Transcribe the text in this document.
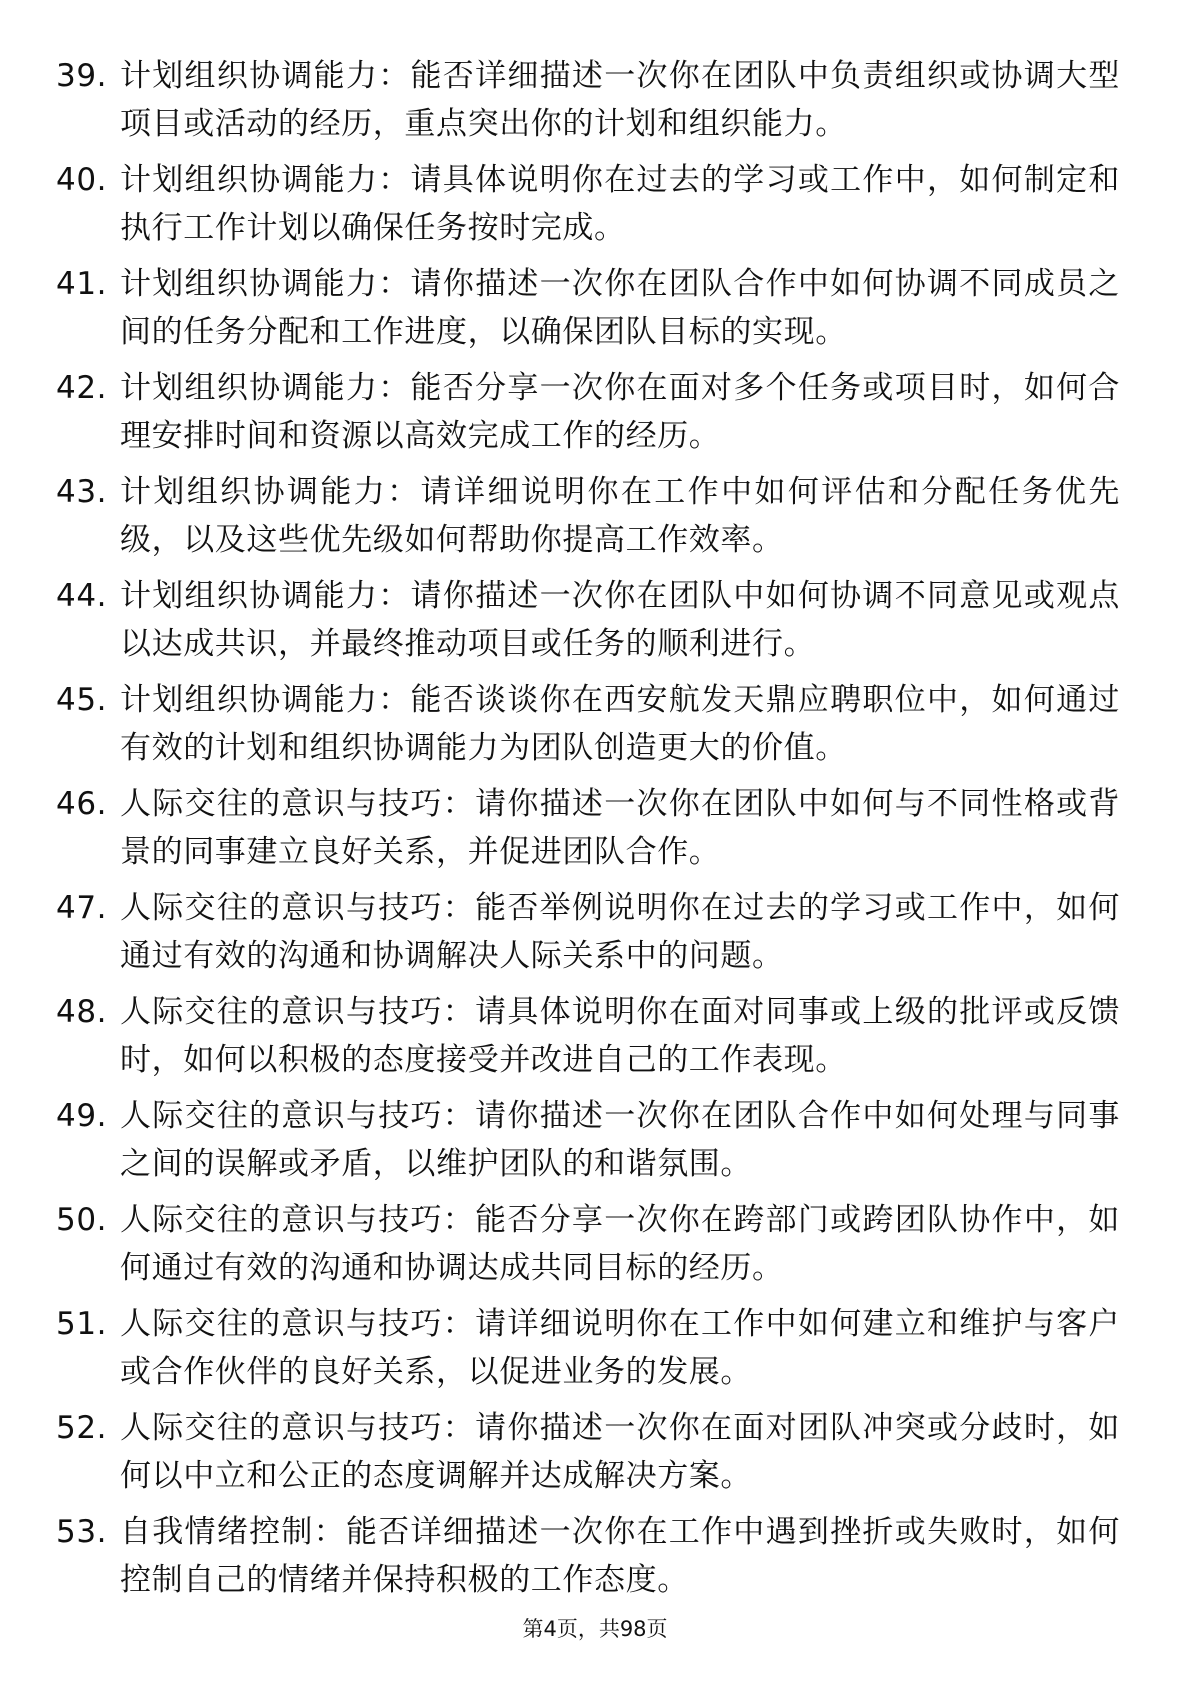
39. 计划组织协调能力：能否详细描述一次你在团队中负责组织或协调大型项目或活动的经历，重点突出你的计划和组织能力。
40. 计划组织协调能力：请具体说明你在过去的学习或工作中，如何制定和执行工作计划以确保任务按时完成。
41. 计划组织协调能力：请你描述一次你在团队合作中如何协调不同成员之间的任务分配和工作进度，以确保团队目标的实现。
42. 计划组织协调能力：能否分享一次你在面对多个任务或项目时，如何合理安排时间和资源以高效完成工作的经历。
43. 计划组织协调能力：请详细说明你在工作中如何评估和分配任务优先级，以及这些优先级如何帮助你提高工作效率。
44. 计划组织协调能力：请你描述一次你在团队中如何协调不同意见或观点以达成共识，并最终推动项目或任务的顺利进行。
45. 计划组织协调能力：能否谈谈你在西安航发天鼎应聘职位中，如何通过有效的计划和组织协调能力为团队创造更大的价值。
46. 人际交往的意识与技巧：请你描述一次你在团队中如何与不同性格或背景的同事建立良好关系，并促进团队合作。
47. 人际交往的意识与技巧：能否举例说明你在过去的学习或工作中，如何通过有效的沟通和协调解决人际关系中的问题。
48. 人际交往的意识与技巧：请具体说明你在面对同事或上级的批评或反馈时，如何以积极的态度接受并改进自己的工作表现。
49. 人际交往的意识与技巧：请你描述一次你在团队合作中如何处理与同事之间的误解或矛盾，以维护团队的和谐氛围。
50. 人际交往的意识与技巧：能否分享一次你在跨部门或跨团队协作中，如何通过有效的沟通和协调达成共同目标的经历。
51. 人际交往的意识与技巧：请详细说明你在工作中如何建立和维护与客户或合作伙伴的良好关系，以促进业务的发展。
52. 人际交往的意识与技巧：请你描述一次你在面对团队冲突或分歧时，如何以中立和公正的态度调解并达成解决方案。
53. 自我情绪控制：能否详细描述一次你在工作中遇到挫折或失败时，如何控制自己的情绪并保持积极的工作态度。
第4页，共98页
